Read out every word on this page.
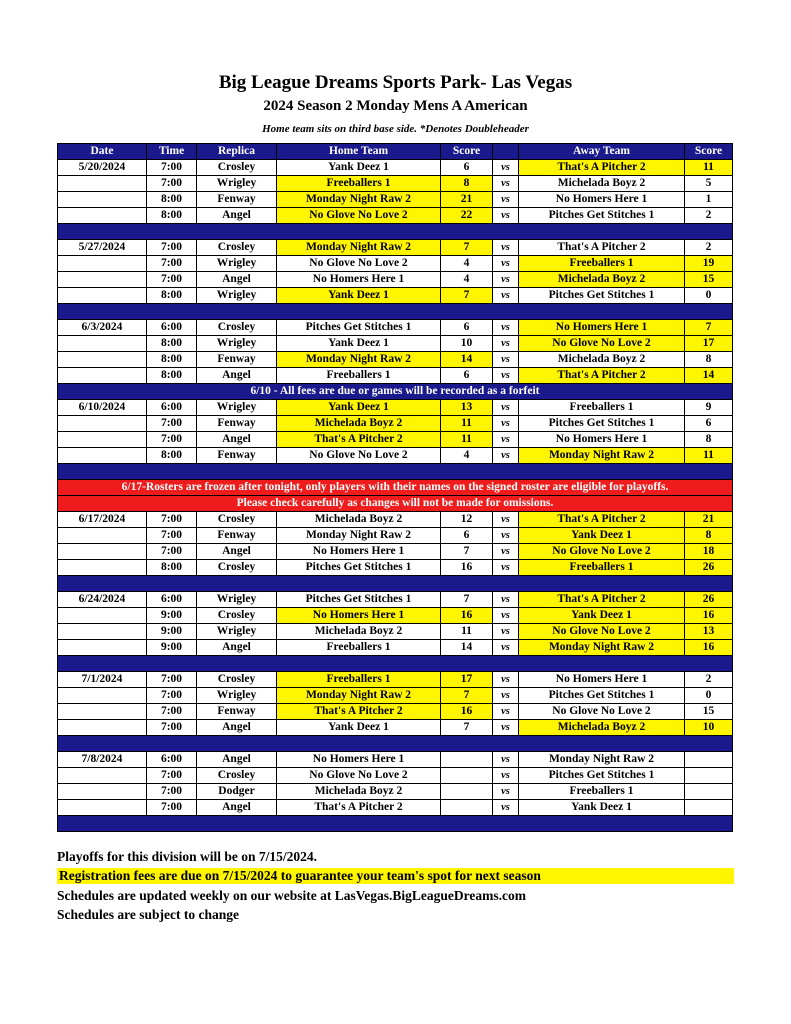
Big League Dreams Sports Park- Las Vegas
2024 Season 2 Monday Mens A American
Home team sits on third base side. *Denotes Doubleheader
Date	Time	Replica	Home Team	Score		Away Team	Score
5/20/2024	7:00	Crosley	Yank Deez 1	6	vs	That's A Pitcher 2	11
	7:00	Wrigley	Freeballers 1	8	vs	Michelada Boyz 2	5
	8:00	Fenway	Monday Night Raw 2	21	vs	No Homers Here 1	1
	8:00	Angel	No Glove No Love 2	22	vs	Pitches Get Stitches 1	2

5/27/2024	7:00	Crosley	Monday Night Raw 2	7	vs	That's A Pitcher 2	2
	7:00	Wrigley	No Glove No Love 2	4	vs	Freeballers 1	19
	7:00	Angel	No Homers Here 1	4	vs	Michelada Boyz 2	15
	8:00	Wrigley	Yank Deez 1	7	vs	Pitches Get Stitches 1	0

6/3/2024	6:00	Crosley	Pitches Get Stitches 1	6	vs	No Homers Here 1	7
	8:00	Wrigley	Yank Deez 1	10	vs	No Glove No Love 2	17
	8:00	Fenway	Monday Night Raw 2	14	vs	Michelada Boyz 2	8
	8:00	Angel	Freeballers 1	6	vs	That's A Pitcher 2	14
6/10 - All fees are due or games will be recorded as a forfeit							
6/10/2024	6:00	Wrigley	Yank Deez 1	13	vs	Freeballers 1	9
	7:00	Fenway	Michelada Boyz 2	11	vs	Pitches Get Stitches 1	6
	7:00	Angel	That's A Pitcher 2	11	vs	No Homers Here 1	8
	8:00	Fenway	No Glove No Love 2	4	vs	Monday Night Raw 2	11

6/17-Rosters are frozen after tonight, only players with their names on the signed roster are eligible for playoffs.							
Please check carefully as changes will not be made for omissions.							
6/17/2024	7:00	Crosley	Michelada Boyz 2	12	vs	That's A Pitcher 2	21
	7:00	Fenway	Monday Night Raw 2	6	vs	Yank Deez 1	8
	7:00	Angel	No Homers Here 1	7	vs	No Glove No Love 2	18
	8:00	Crosley	Pitches Get Stitches 1	16	vs	Freeballers 1	26

6/24/2024	6:00	Wrigley	Pitches Get Stitches 1	7	vs	That's A Pitcher 2	26
	9:00	Crosley	No Homers Here 1	16	vs	Yank Deez 1	16
	9:00	Wrigley	Michelada Boyz 2	11	vs	No Glove No Love 2	13
	9:00	Angel	Freeballers 1	14	vs	Monday Night Raw 2	16

7/1/2024	7:00	Crosley	Freeballers 1	17	vs	No Homers Here 1	2
	7:00	Wrigley	Monday Night Raw 2	7	vs	Pitches Get Stitches 1	0
	7:00	Fenway	That's A Pitcher 2	16	vs	No Glove No Love 2	15
	7:00	Angel	Yank Deez 1	7	vs	Michelada Boyz 2	10

7/8/2024	6:00	Angel	No Homers Here 1		vs	Monday Night Raw 2	
	7:00	Crosley	No Glove No Love 2		vs	Pitches Get Stitches 1	
	7:00	Dodger	Michelada Boyz 2		vs	Freeballers 1	
	7:00	Angel	That's A Pitcher 2		vs	Yank Deez 1	

Playoffs for this division will be on 7/15/2024.
Registration fees are due on 7/15/2024 to guarantee your team's spot for next season
Schedules are updated weekly on our website at LasVegas.BigLeagueDreams.com
Schedules are subject to change
